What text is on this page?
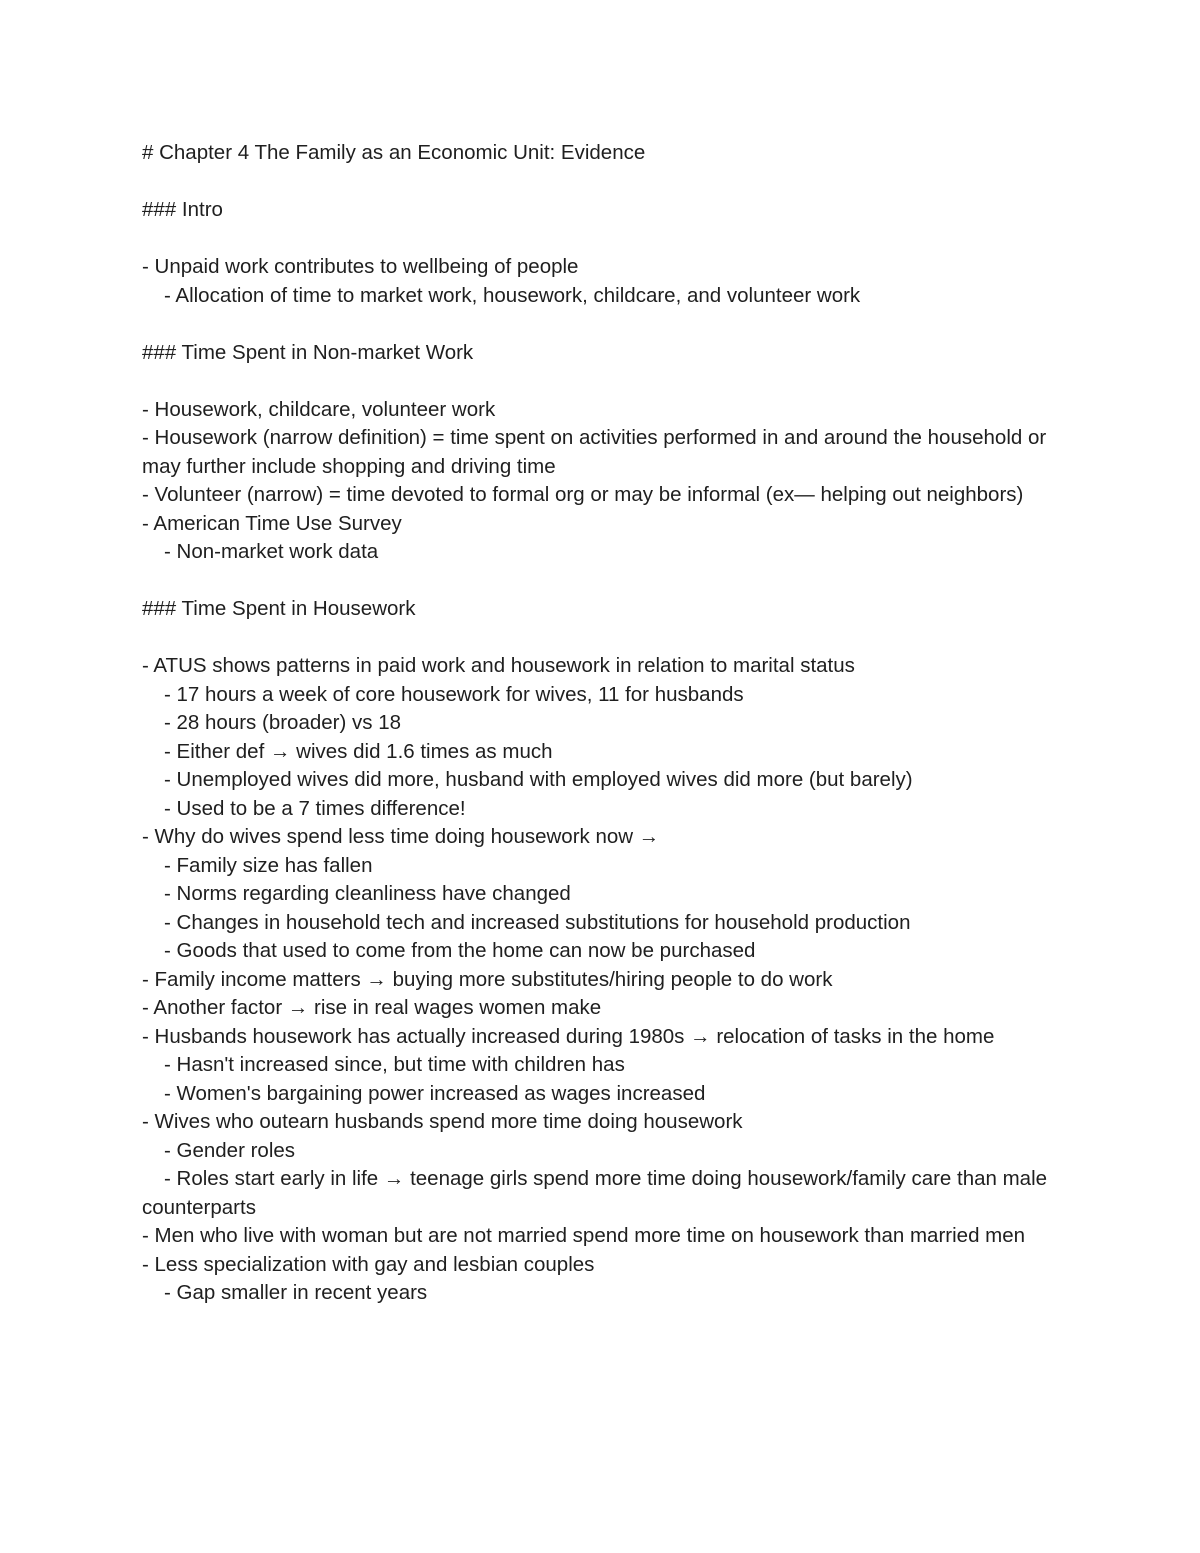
# Chapter 4 The Family as an Economic Unit: Evidence

### Intro

- Unpaid work contributes to wellbeing of people

- Allocation of time to market work, housework, childcare, and volunteer work

### Time Spent in Non-market Work

- Housework, childcare, volunteer work

- Housework (narrow definition) = time spent on activities performed in and around the household or may further include shopping and driving time

- Volunteer (narrow) = time devoted to formal org or may be informal (ex— helping out neighbors)

- American Time Use Survey

- Non-market work data

### Time Spent in Housework

- ATUS shows patterns in paid work and housework in relation to marital status

- 17 hours a week of core housework for wives, 11 for husbands

- 28 hours (broader) vs 18

- Either def → wives did 1.6 times as much

- Unemployed wives did more, husband with employed wives did more (but barely)

- Used to be a 7 times difference!

- Why do wives spend less time doing housework now →

- Family size has fallen

- Norms regarding cleanliness have changed

- Changes in household tech and increased substitutions for household production

- Goods that used to come from the home can now be purchased

- Family income matters → buying more substitutes/hiring people to do work

- Another factor → rise in real wages women make

- Husbands housework has actually increased during 1980s → relocation of tasks in the home

- Hasn't increased since, but time with children has

- Women's bargaining power increased as wages increased

- Wives who outearn husbands spend more time doing housework

- Gender roles

- Roles start early in life → teenage girls spend more time doing housework/family care than male counterparts

- Men who live with woman but are not married spend more time on housework than married men

- Less specialization with gay and lesbian couples

- Gap smaller in recent years
